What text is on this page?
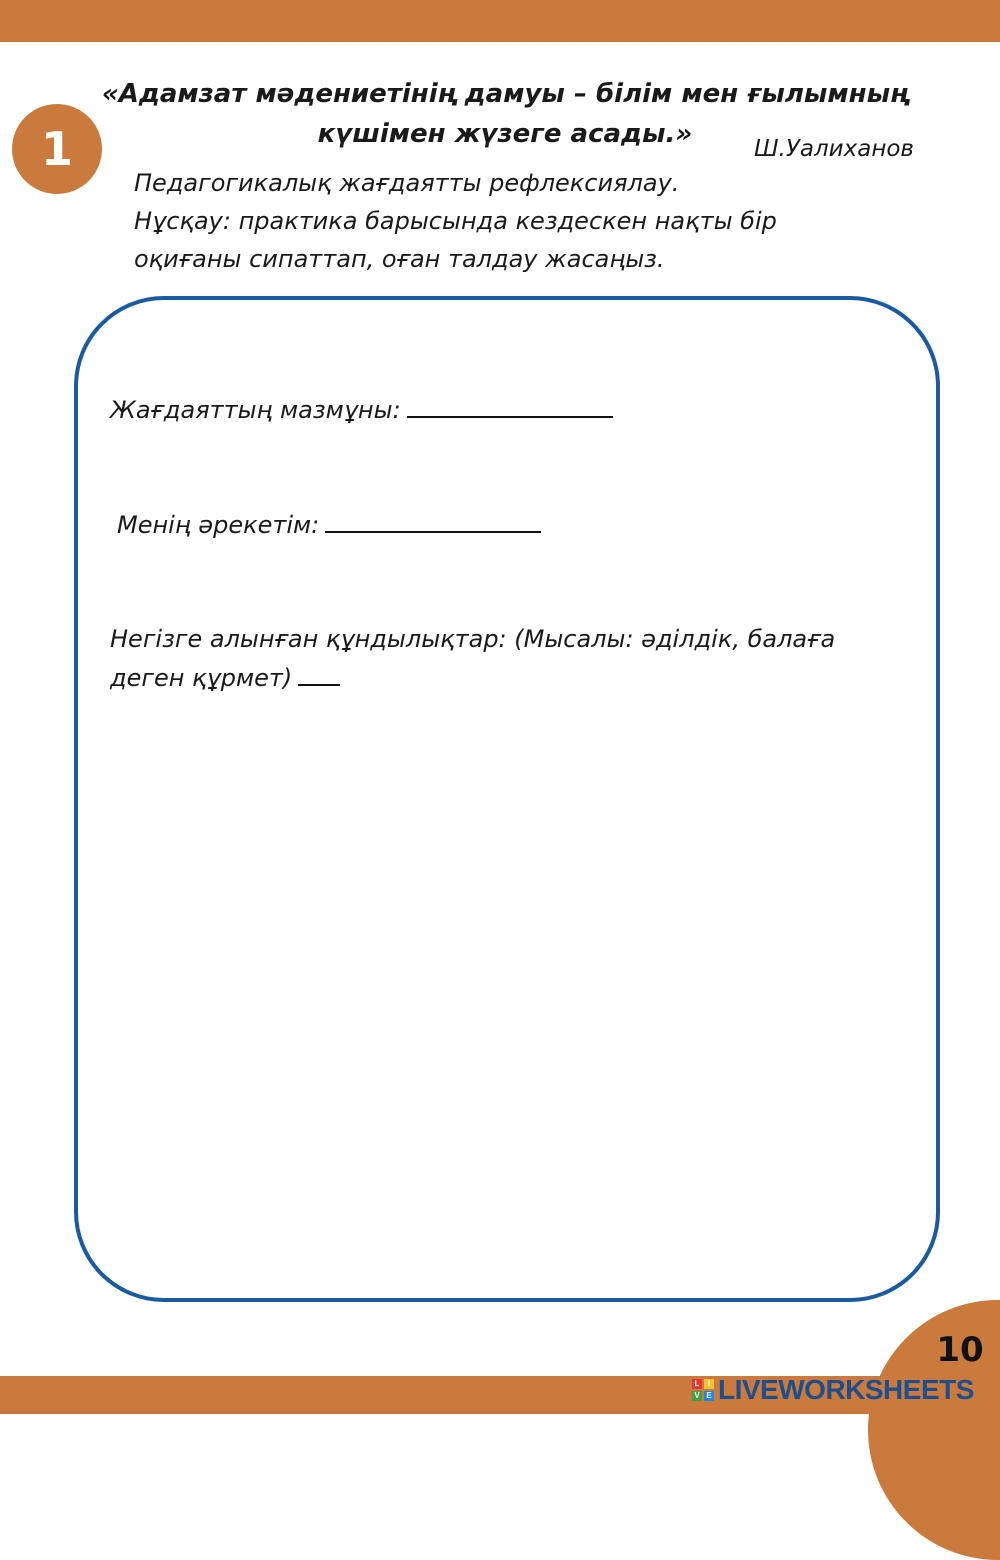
1
«Адамзат мәдениетінің дамуы – білім мен ғылымның
күшімен жүзеге асады.»	Ш.Уалиханов
Педагогикалық жағдаятты рефлексиялау.
Нұсқау: практика барысында кездескен нақты бір
оқиғаны сипаттап, оған талдау жасаңыз.
Жағдаяттың мазмұны:
Менің әрекетім:
Негізге алынған құндылықтар: (Мысалы: әділдік, балаға деген құрмет)
10
L	I
V E LIVEWORKSHEETS
